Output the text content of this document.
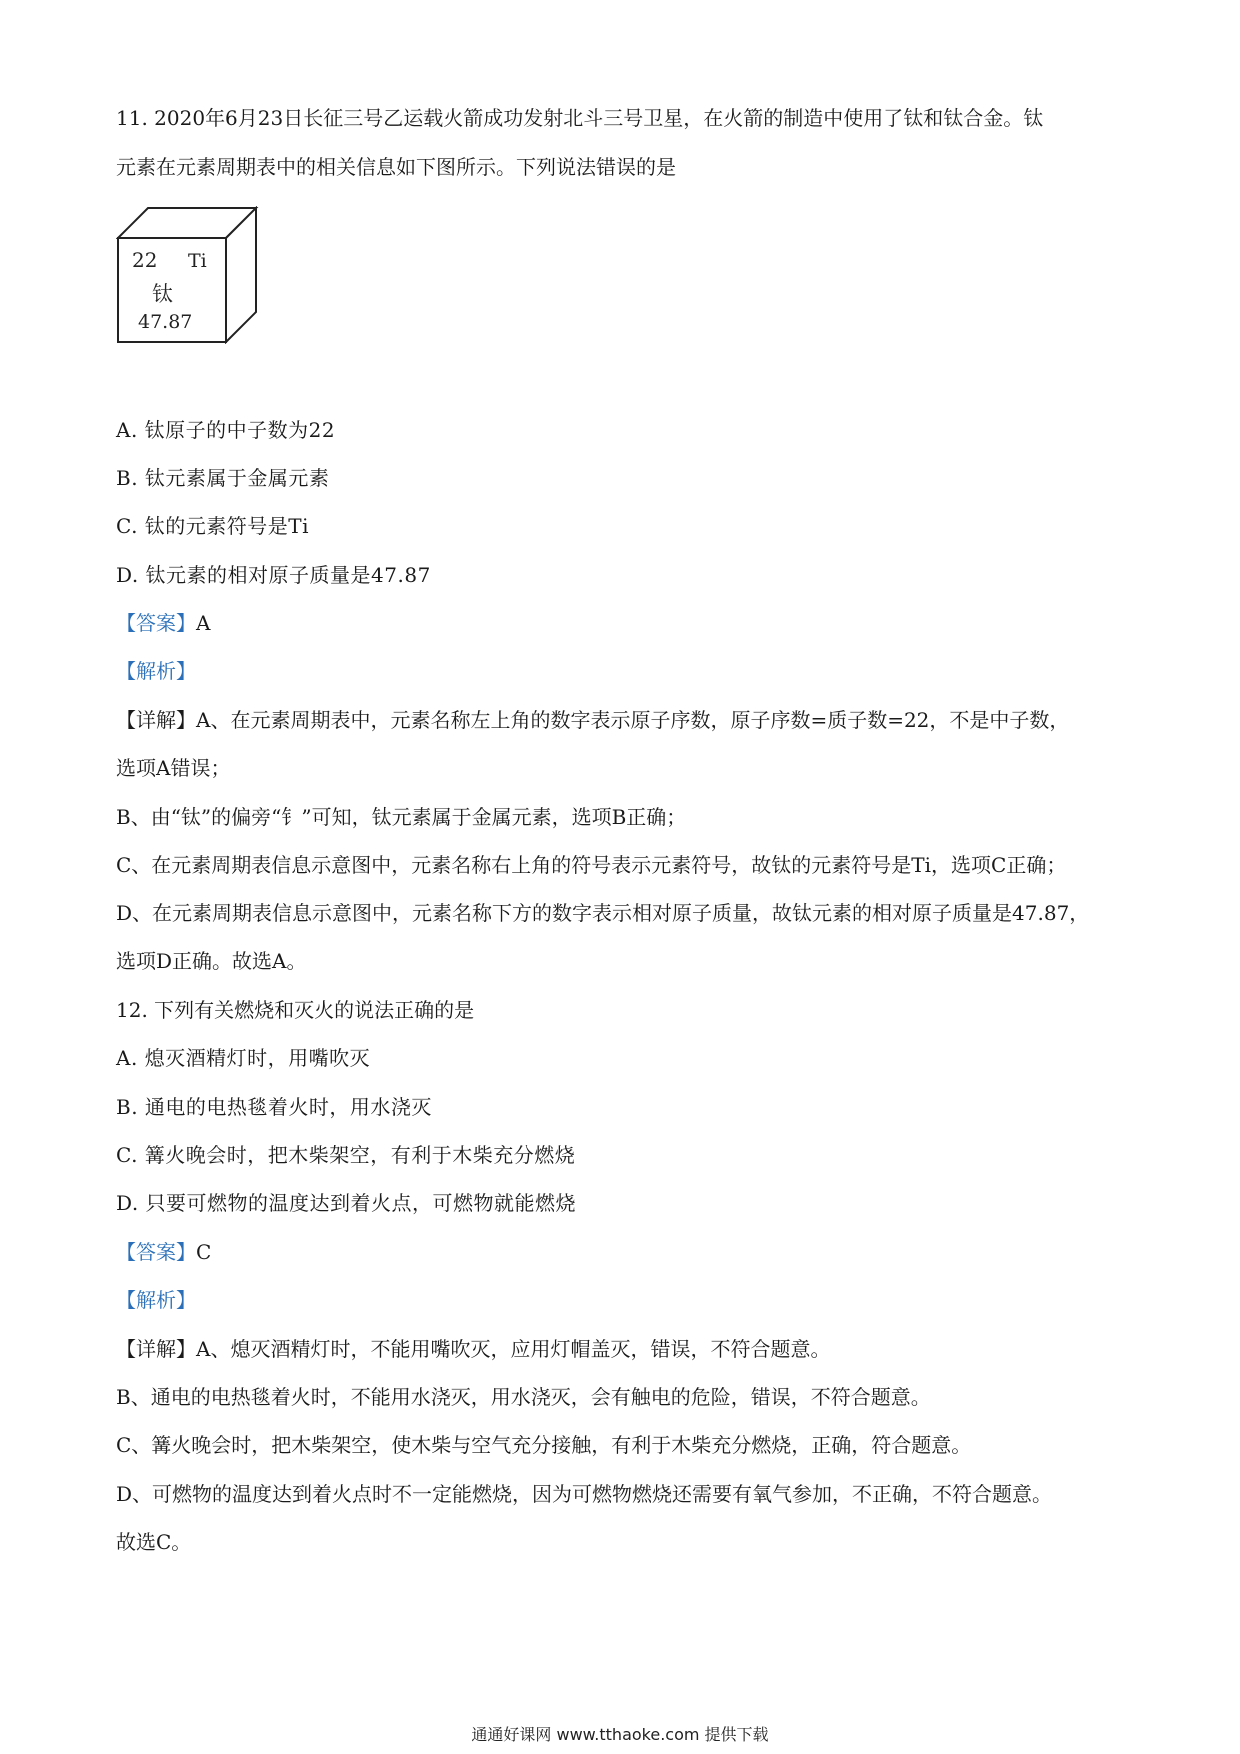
11. 2020年6月23日长征三号乙运载火箭成功发射北斗三号卫星，在火箭的制造中使用了钛和钛合金。钛
元素在元素周期表中的相关信息如下图所示。下列说法错误的是
22 Ti
钛
47.87
A. 钛原子的中子数为22
B. 钛元素属于金属元素
C. 钛的元素符号是Ti
D. 钛元素的相对原子质量是47.87
【答案】A
【解析】
【详解】A、在元素周期表中，元素名称左上角的数字表示原子序数，原子序数=质子数=22，不是中子数，
选项A错误；
B、由“钛”的偏旁“钅”可知，钛元素属于金属元素，选项B正确；
C、在元素周期表信息示意图中，元素名称右上角的符号表示元素符号，故钛的元素符号是Ti，选项C正确；
D、在元素周期表信息示意图中，元素名称下方的数字表示相对原子质量，故钛元素的相对原子质量是47.87，
选项D正确。故选A。
12. 下列有关燃烧和灭火的说法正确的是
A. 熄灭酒精灯时，用嘴吹灭
B. 通电的电热毯着火时，用水浇灭
C. 篝火晚会时，把木柴架空，有利于木柴充分燃烧
D. 只要可燃物的温度达到着火点，可燃物就能燃烧
【答案】C
【解析】
【详解】A、熄灭酒精灯时，不能用嘴吹灭，应用灯帽盖灭，错误，不符合题意。
B、通电的电热毯着火时，不能用水浇灭，用水浇灭，会有触电的危险，错误，不符合题意。
C、篝火晚会时，把木柴架空，使木柴与空气充分接触，有利于木柴充分燃烧，正确，符合题意。
D、可燃物的温度达到着火点时不一定能燃烧，因为可燃物燃烧还需要有氧气参加，不正确，不符合题意。
故选C。
通通好课网 www.tthaoke.com 提供下载
